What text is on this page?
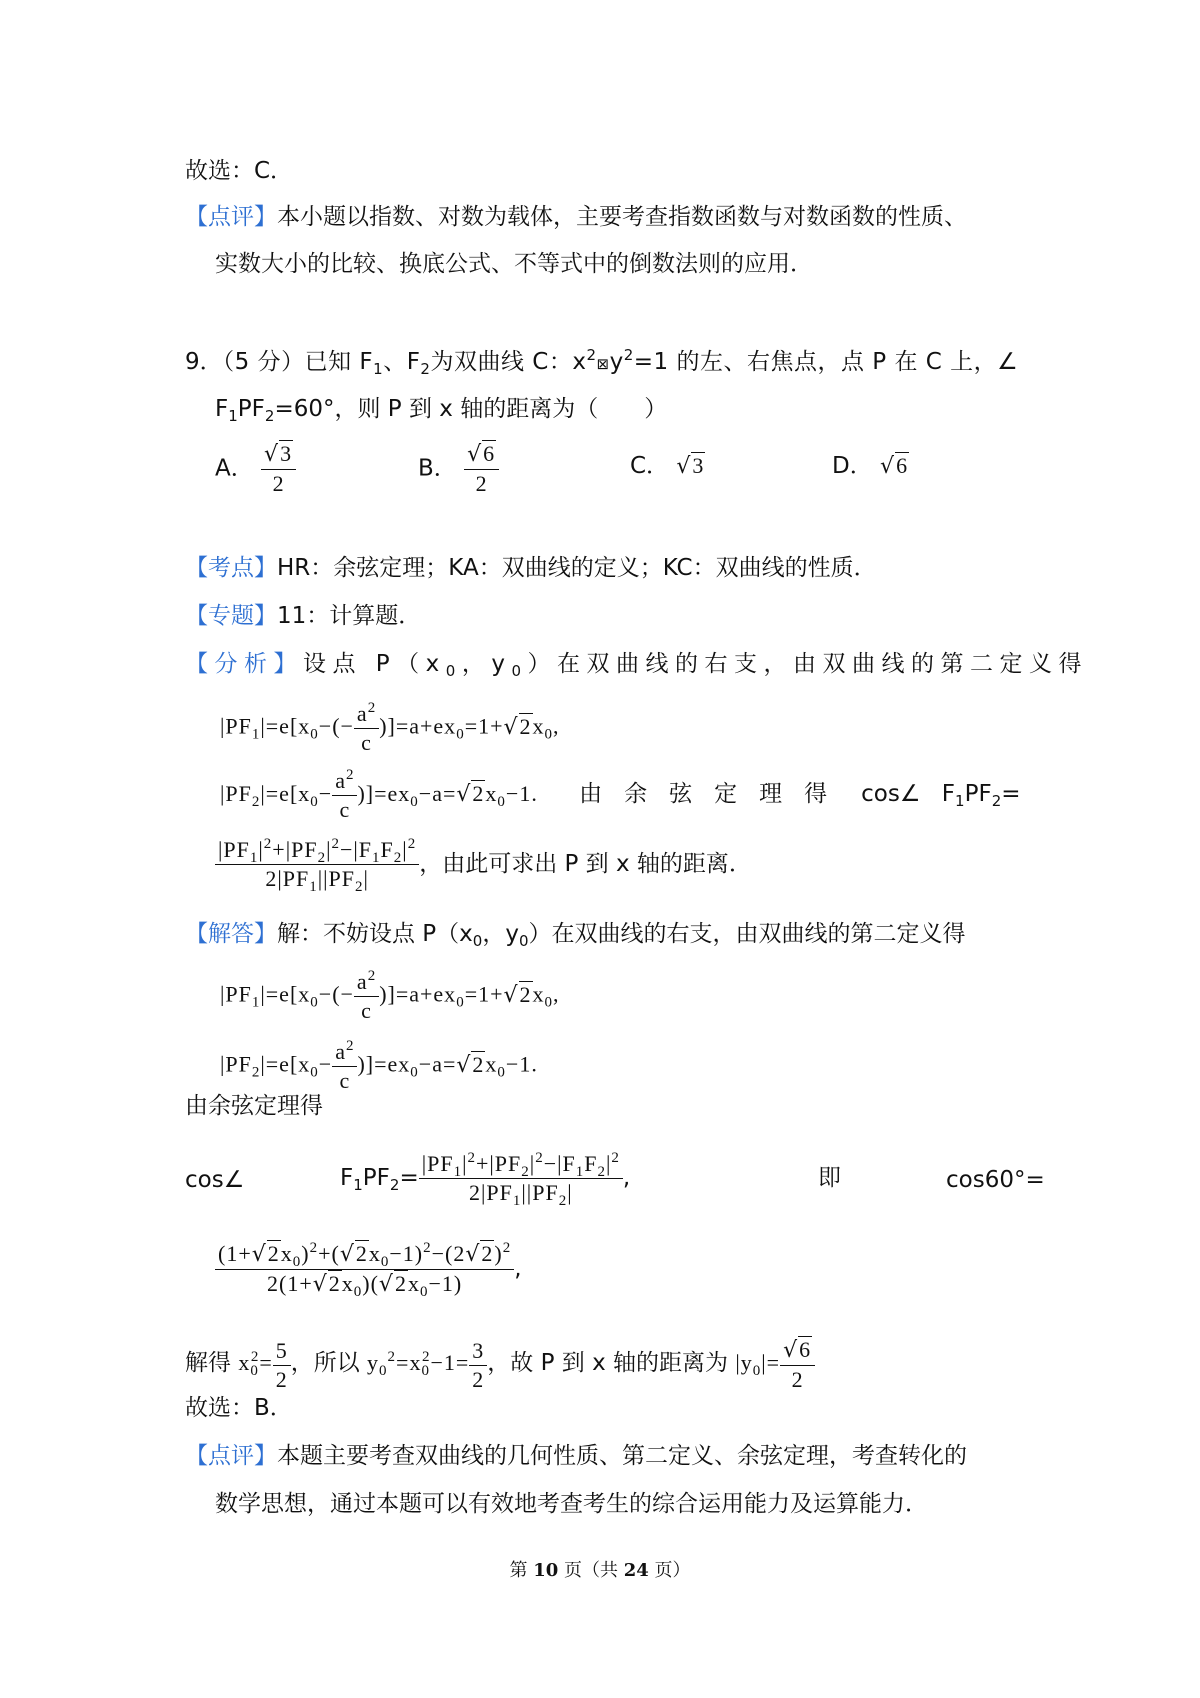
故选：C．
【点评】本小题以指数、对数为载体，主要考查指数函数与对数函数的性质、
实数大小的比较、换底公式、不等式中的倒数法则的应用．
9．（5 分）已知 $F_1$、$F_2$为双曲线 C：$x^2⊠y^2=1$ 的左、右焦点，点 P 在 C 上，∠
$F_1PF_2=60^\circ$，则 P 到 x 轴的距离为（　　）
A． $\frac{√3}{2}$	B． $\frac{√6}{2}$	C． √3	D． √6
【考点】HR：余弦定理；KA：双曲线的定义；KC：双曲线的性质．
【专题】11：计算题．
【分析】设点 $P(x_0$，$y_0$）在双曲线的右支，由双曲线的第二定义得
$|PF_1|=e[x_0-(- \frac{a^2}{c} )]=a+ex_0=1+√2x_0$,
$|PF_2|=e[x_0- \frac{a^2}{c} )]=ex_0-a=√2x_0-1$. 由余弦定理得 cos∠ $F_1PF_2=$
$\frac{|PF_1|^2+|PF_2|^2-|F_1F_2|^2}{2|PF_1||PF_2|}$ ，由此可求出 P 到 x 轴的距离．
【解答】解：不妨设点 $P(x_0$，$y_0$）在双曲线的右支，由双曲线的第二定义得
$|PF_1|=e[x_0-(- \frac{a^2}{c} )]=a+ex_0=1+√2x_0$,
$|PF_2|=e[x_0- \frac{a^2}{c} )]=ex_0-a=√2x_0-1$.
由余弦定理得
cos∠	$F_1PF_2= \frac{|PF_1|^2+|PF_2|^2-|F_1F_2|^2}{2|PF_1||PF_2|}$ ,	即	cos60°=
$\frac{(1+√2x_0)^2+(√2x_0-1)^2-(2√2)^2}{2(1+√2x_0)(√2x_0-1)}$ ,
解得 $x_0^2= \frac{5}{2}$ ，所以 $y_0^2=x_0^2-1= \frac{3}{2}$ ，故 P 到 x 轴的距离为 $|y_0|= \frac{√6}{2}$
故选：B．
【点评】本题主要考查双曲线的几何性质、第二定义、余弦定理，考查转化的
数学思想，通过本题可以有效地考查考生的综合运用能力及运算能力．
第 10 页（共 24 页）
